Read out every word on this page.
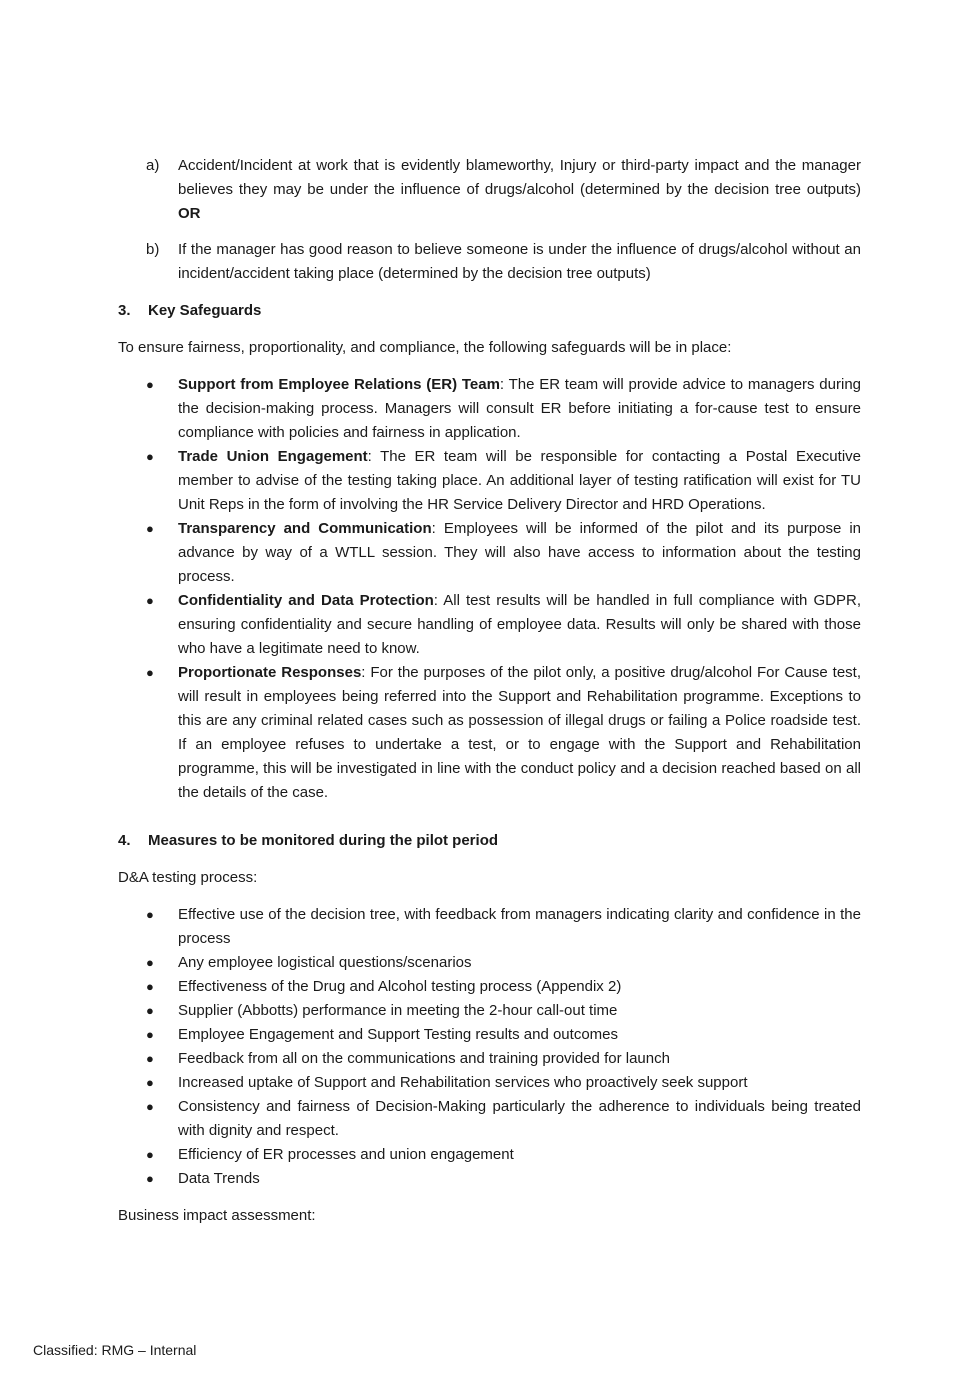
a)	Accident/Incident at work that is evidently blameworthy, Injury or third-party impact and the manager believes they may be under the influence of drugs/alcohol (determined by the decision tree outputs) OR

b)	If the manager has good reason to believe someone is under the influence of drugs/alcohol without an incident/accident taking place (determined by the decision tree outputs)

3.	Key Safeguards

To ensure fairness, proportionality, and compliance, the following safeguards will be in place:

●	Support from Employee Relations (ER) Team: The ER team will provide advice to managers during the decision-making process. Managers will consult ER before initiating a for-cause test to ensure compliance with policies and fairness in application.

●	Trade Union Engagement: The ER team will be responsible for contacting a Postal Executive member to advise of the testing taking place. An additional layer of testing ratification will exist for TU Unit Reps in the form of involving the HR Service Delivery Director and HRD Operations.

●	Transparency and Communication: Employees will be informed of the pilot and its purpose in advance by way of a WTLL session. They will also have access to information about the testing process.

●	Confidentiality and Data Protection: All test results will be handled in full compliance with GDPR, ensuring confidentiality and secure handling of employee data. Results will only be shared with those who have a legitimate need to know.

●	Proportionate Responses: For the purposes of the pilot only, a positive drug/alcohol For Cause test, will result in employees being referred into the Support and Rehabilitation programme. Exceptions to this are any criminal related cases such as possession of illegal drugs or failing a Police roadside test. If an employee refuses to undertake a test, or to engage with the Support and Rehabilitation programme, this will be investigated in line with the conduct policy and a decision reached based on all the details of the case.

4.	Measures to be monitored during the pilot period

D&A testing process:

●	Effective use of the decision tree, with feedback from managers indicating clarity and confidence in the process

●	Any employee logistical questions/scenarios

●	Effectiveness of the Drug and Alcohol testing process (Appendix 2)

●	Supplier (Abbotts) performance in meeting the 2-hour call-out time

●	Employee Engagement and Support Testing results and outcomes

●	Feedback from all on the communications and training provided for launch

●	Increased uptake of Support and Rehabilitation services who proactively seek support

●	Consistency and fairness of Decision-Making particularly the adherence to individuals being treated with dignity and respect.

●	Efficiency of ER processes and union engagement

●	Data Trends

Business impact assessment:

Classified: RMG – Internal
